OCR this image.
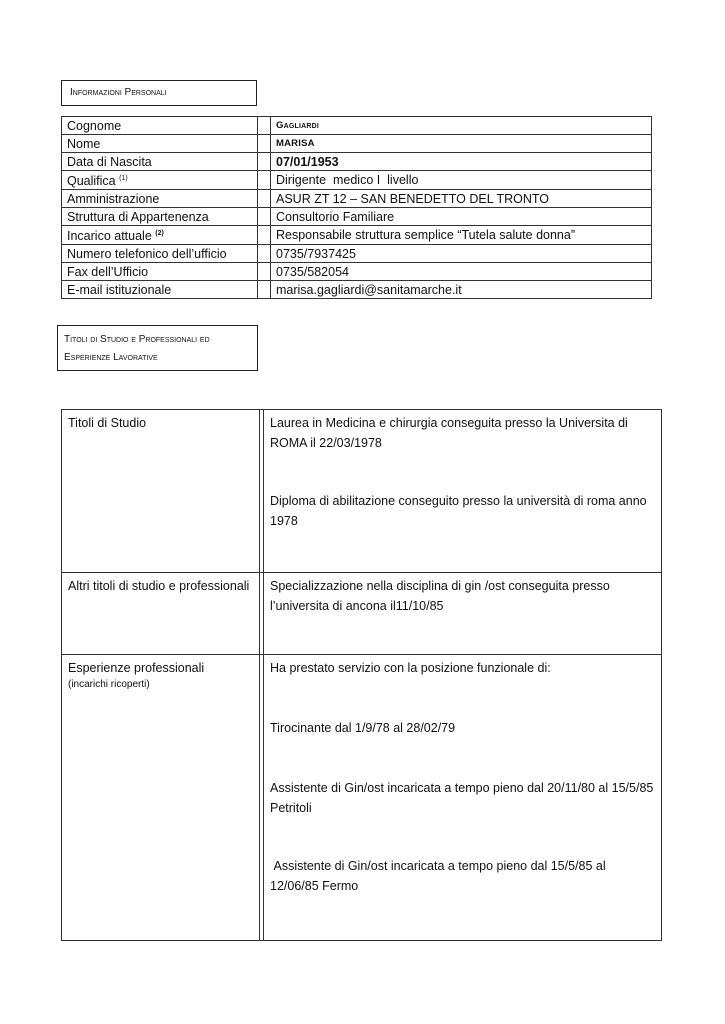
Informazioni Personali
Cognome		Gagliardi
Nome		MARISA
Data di Nascita		07/01/1953
Qualifica $^{(1)}$		Dirigente  medico I  livello
Amministrazione		ASUR ZT 12 – SAN BENEDETTO DEL TRONTO
Struttura di Appartenenza		Consultorio Familiare
Incarico attuale $^{(2)}$		Responsabile struttura semplice “Tutela salute donna”
Numero telefonico dell’ufficio		0735/7937425
Fax dell’Ufficio		0735/582054
E-mail istituzionale		marisa.gagliardi@sanitamarche.it
Titoli di Studio e Professionali ed
Esperienze Lavorative
Titoli di Studio		Laurea in Medicina e chirurgia conseguita presso la Universita di ROMA il 22/03/1978
Diploma di abilitazione conseguito presso la università di roma anno 1978

Altri titoli di studio e professionali		Specializzazione nella disciplina di gin /ost conseguita presso l’universita di ancona il11/10/85

Esperienze professionali
(incarichi ricoperti)		Ha prestato servizio con la posizione funzionale di:
Tirocinante dal 1/9/78 al 28/02/79
Assistente di Gin/ost incaricata a tempo pieno dal 20/11/80 al 15/5/85 Petritoli
Assistente di Gin/ost incaricata a tempo pieno dal 15/5/85 al 12/06/85 Fermo
